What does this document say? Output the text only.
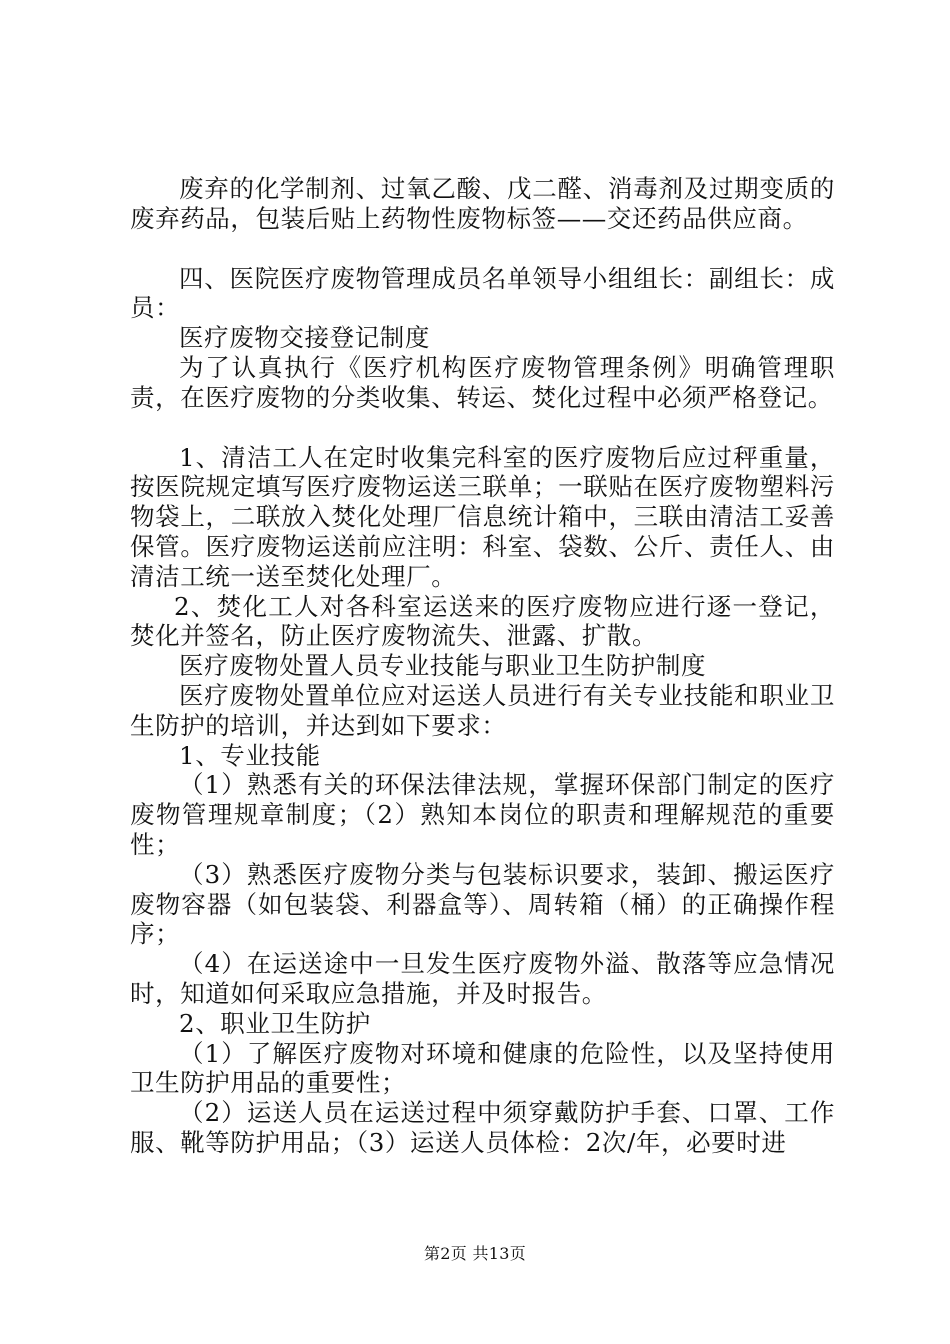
废弃的化学制剂、过氧乙酸、戊二醛、消毒剂及过期变质的废弃药品，包装后贴上药物性废物标签——交还药品供应商。

四、医院医疗废物管理成员名单领导小组组长：副组长：成员：

医疗废物交接登记制度

为了认真执行《医疗机构医疗废物管理条例》明确管理职责，在医疗废物的分类收集、转运、焚化过程中必须严格登记。

1、清洁工人在定时收集完科室的医疗废物后应过秤重量，按医院规定填写医疗废物运送三联单；一联贴在医疗废物塑料污物袋上，二联放入焚化处理厂信息统计箱中，三联由清洁工妥善保管。医疗废物运送前应注明：科室、袋数、公斤、责任人、由清洁工统一送至焚化处理厂。

2、焚化工人对各科室运送来的医疗废物应进行逐一登记，焚化并签名，防止医疗废物流失、泄露、扩散。

医疗废物处置人员专业技能与职业卫生防护制度

医疗废物处置单位应对运送人员进行有关专业技能和职业卫生防护的培训，并达到如下要求：

1、专业技能

（1）熟悉有关的环保法律法规，掌握环保部门制定的医疗废物管理规章制度；（2）熟知本岗位的职责和理解规范的重要性；

（3）熟悉医疗废物分类与包装标识要求，装卸、搬运医疗废物容器（如包装袋、利器盒等）、周转箱（桶）的正确操作程序；

（4）在运送途中一旦发生医疗废物外溢、散落等应急情况时，知道如何采取应急措施，并及时报告。

2、职业卫生防护

（1）了解医疗废物对环境和健康的危险性，以及坚持使用卫生防护用品的重要性；

（2）运送人员在运送过程中须穿戴防护手套、口罩、工作服、靴等防护用品；（3）运送人员体检：2次/年，必要时进

第2页 共13页
